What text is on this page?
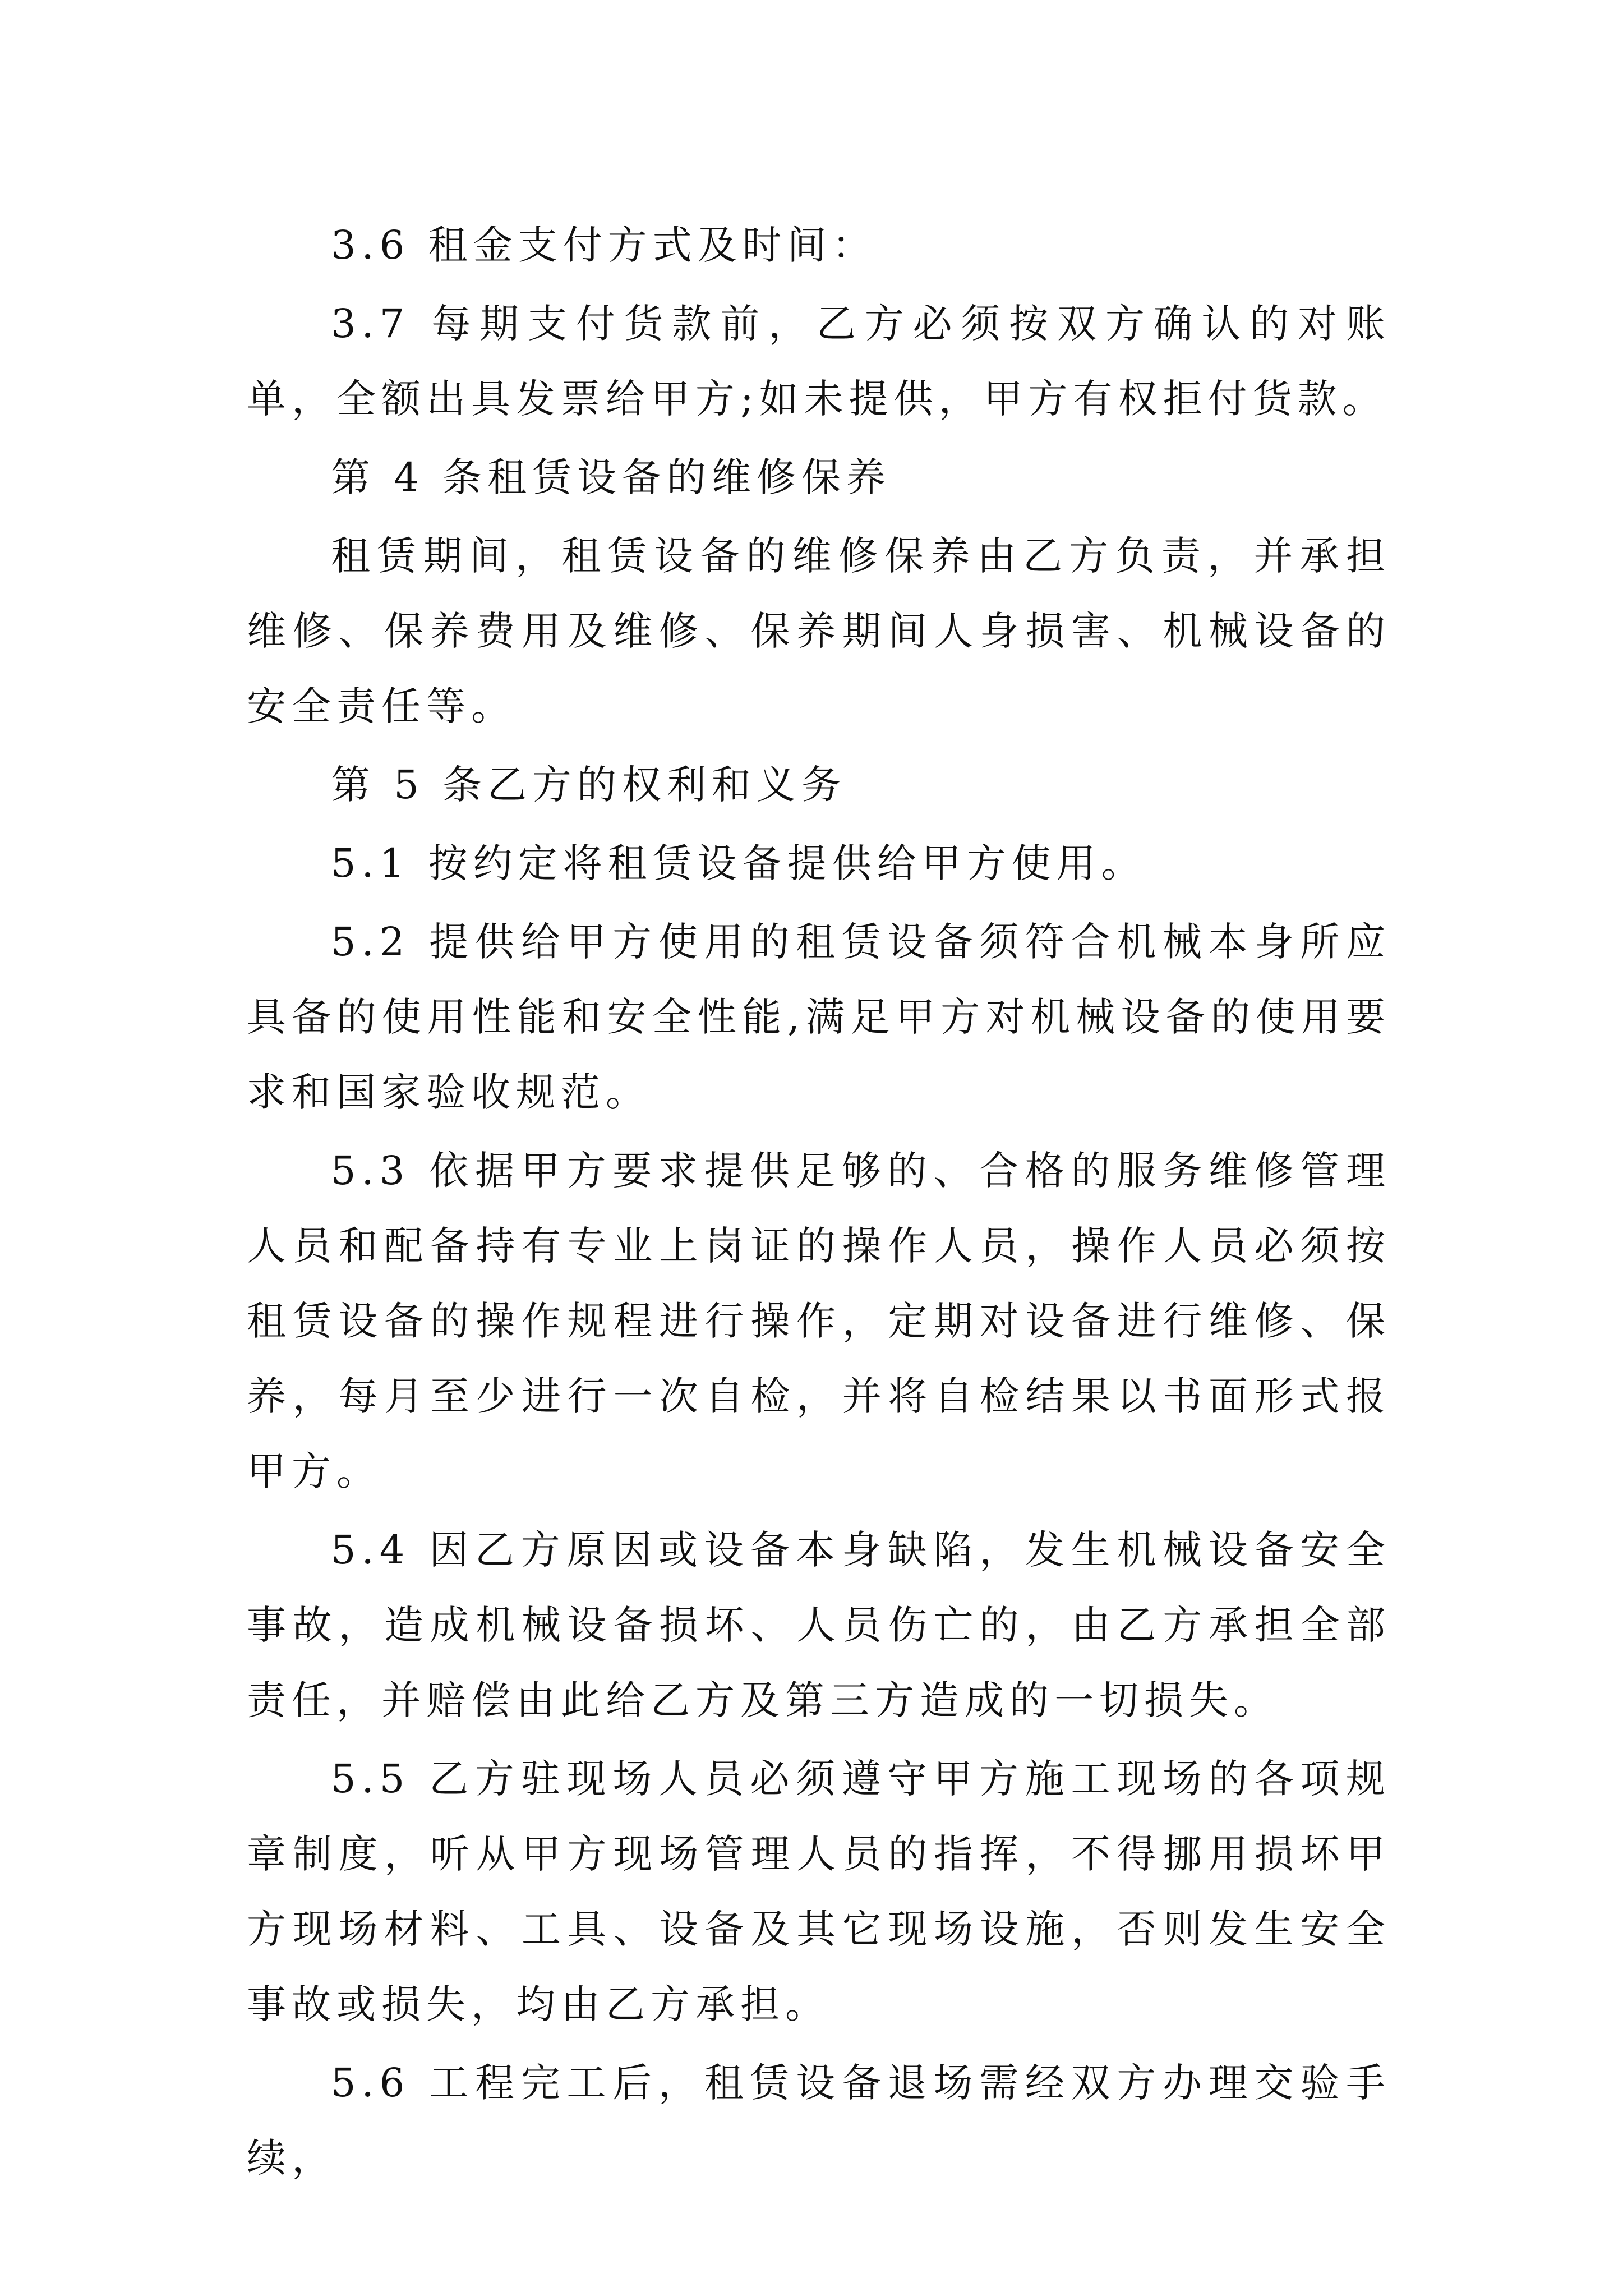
3.6 租金支付方式及时间：

3.7 每期支付货款前，乙方必须按双方确认的对账单，全额出具发票给甲方;如未提供，甲方有权拒付货款。

第 4 条租赁设备的维修保养

租赁期间，租赁设备的维修保养由乙方负责，并承担维修、保养费用及维修、保养期间人身损害、机械设备的安全责任等。

第 5 条乙方的权利和义务

5.1 按约定将租赁设备提供给甲方使用。

5.2 提供给甲方使用的租赁设备须符合机械本身所应具备的使用性能和安全性能,满足甲方对机械设备的使用要求和国家验收规范。

5.3 依据甲方要求提供足够的、合格的服务维修管理人员和配备持有专业上岗证的操作人员，操作人员必须按租赁设备的操作规程进行操作，定期对设备进行维修、保养，每月至少进行一次自检，并将自检结果以书面形式报甲方。

5.4 因乙方原因或设备本身缺陷，发生机械设备安全事故，造成机械设备损坏、人员伤亡的，由乙方承担全部责任，并赔偿由此给乙方及第三方造成的一切损失。

5.5 乙方驻现场人员必须遵守甲方施工现场的各项规章制度，听从甲方现场管理人员的指挥，不得挪用损坏甲方现场材料、工具、设备及其它现场设施，否则发生安全事故或损失，均由乙方承担。

5.6 工程完工后，租赁设备退场需经双方办理交验手续，
